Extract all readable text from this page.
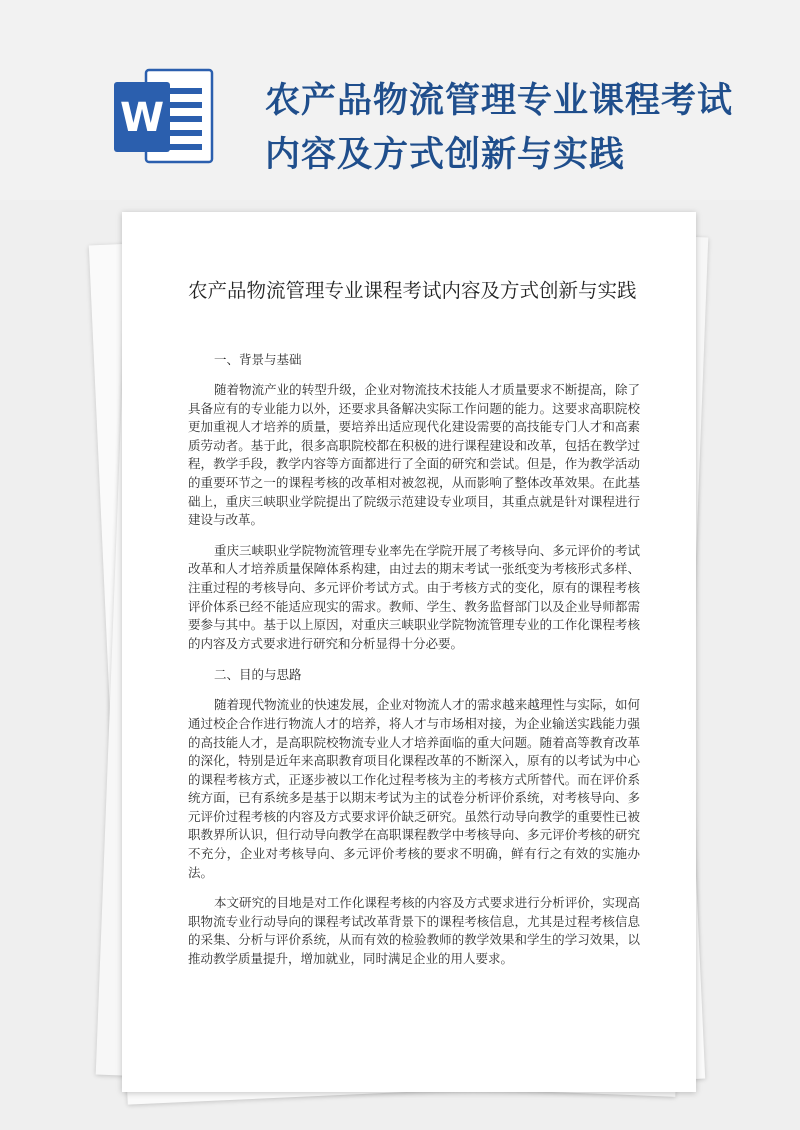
W	农产品物流管理专业课程考试
内容及方式创新与实践
农产品物流管理专业课程考试内容及方式创新与实践
一、背景与基础

随着物流产业的转型升级，企业对物流技术技能人才质量要求不断提高，除了具备应有的专业能力以外，还要求具备解决实际工作问题的能力。这要求高职院校更加重视人才培养的质量，要培养出适应现代化建设需要的高技能专门人才和高素质劳动者。基于此，很多高职院校都在积极的进行课程建设和改革，包括在教学过程，教学手段，教学内容等方面都进行了全面的研究和尝试。但是，作为教学活动的重要环节之一的课程考核的改革相对被忽视，从而影响了整体改革效果。在此基础上，重庆三峡职业学院提出了院级示范建设专业项目，其重点就是针对课程进行建设与改革。

重庆三峡职业学院物流管理专业率先在学院开展了考核导向、多元评价的考试改革和人才培养质量保障体系构建，由过去的期末考试一张纸变为考核形式多样、注重过程的考核导向、多元评价考试方式。由于考核方式的变化，原有的课程考核评价体系已经不能适应现实的需求。教师、学生、教务监督部门以及企业导师都需要参与其中。基于以上原因，对重庆三峡职业学院物流管理专业的工作化课程考核的内容及方式要求进行研究和分析显得十分必要。

二、目的与思路

随着现代物流业的快速发展，企业对物流人才的需求越来越理性与实际，如何通过校企合作进行物流人才的培养，将人才与市场相对接，为企业输送实践能力强的高技能人才，是高职院校物流专业人才培养面临的重大问题。随着高等教育改革的深化，特别是近年来高职教育项目化课程改革的不断深入，原有的以考试为中心的课程考核方式，正逐步被以工作化过程考核为主的考核方式所替代。而在评价系统方面，已有系统多是基于以期末考试为主的试卷分析评价系统，对考核导向、多元评价过程考核的内容及方式要求评价缺乏研究。虽然行动导向教学的重要性已被职教界所认识，但行动导向教学在高职课程教学中考核导向、多元评价考核的研究不充分，企业对考核导向、多元评价考核的要求不明确，鲜有行之有效的实施办法。

本文研究的目地是对工作化课程考核的内容及方式要求进行分析评价，实现高职物流专业行动导向的课程考试改革背景下的课程考核信息，尤其是过程考核信息的采集、分析与评价系统，从而有效的检验教师的教学效果和学生的学习效果，以推动教学质量提升，增加就业，同时满足企业的用人要求。
